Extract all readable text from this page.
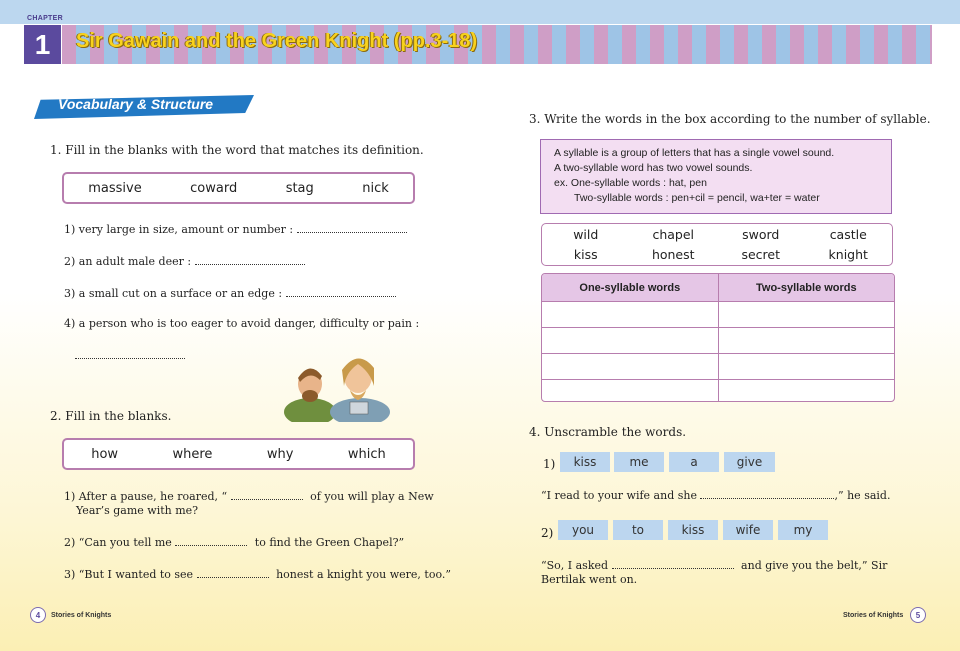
CHAPTER
1	Sir Gawain and the Green Knight (pp.3-18)
Vocabulary & Structure
1. Fill in the blanks with the word that matches its definition.
massive	coward	stag	nick
1) very large in size, amount or number :
2) an adult male deer :
3) a small cut on a surface or an edge :
4) a person who is too eager to avoid danger, difficulty or pain :
2. Fill in the blanks.
how	where	why	which
1) After a pause, he roared, “	of you will play a New
Year’s game with me?
2) “Can you tell me	to find the Green Chapel?”
3) “But I wanted to see	honest a knight you were, too.”
3. Write the words in the box according to the number of syllable.
A syllable is a group of letters that has a single vowel sound.
A two-syllable word has two vowel sounds.
ex. One-syllable words : hat, pen
Two-syllable words : pen+cil = pencil, wa+ter = water
wild	chapel	sword	castle
kiss	honest	secret	knight
One-syllable words	Two-syllable words

4. Unscramble the words.
1)	kiss	me	a	give
“I read to your wife and she	,” he said.
2)	you	to	kiss	wife	my
“So, I asked	and give you the belt,” Sir
Bertilak went on.
4	Stories of Knights	Stories of Knights	5
